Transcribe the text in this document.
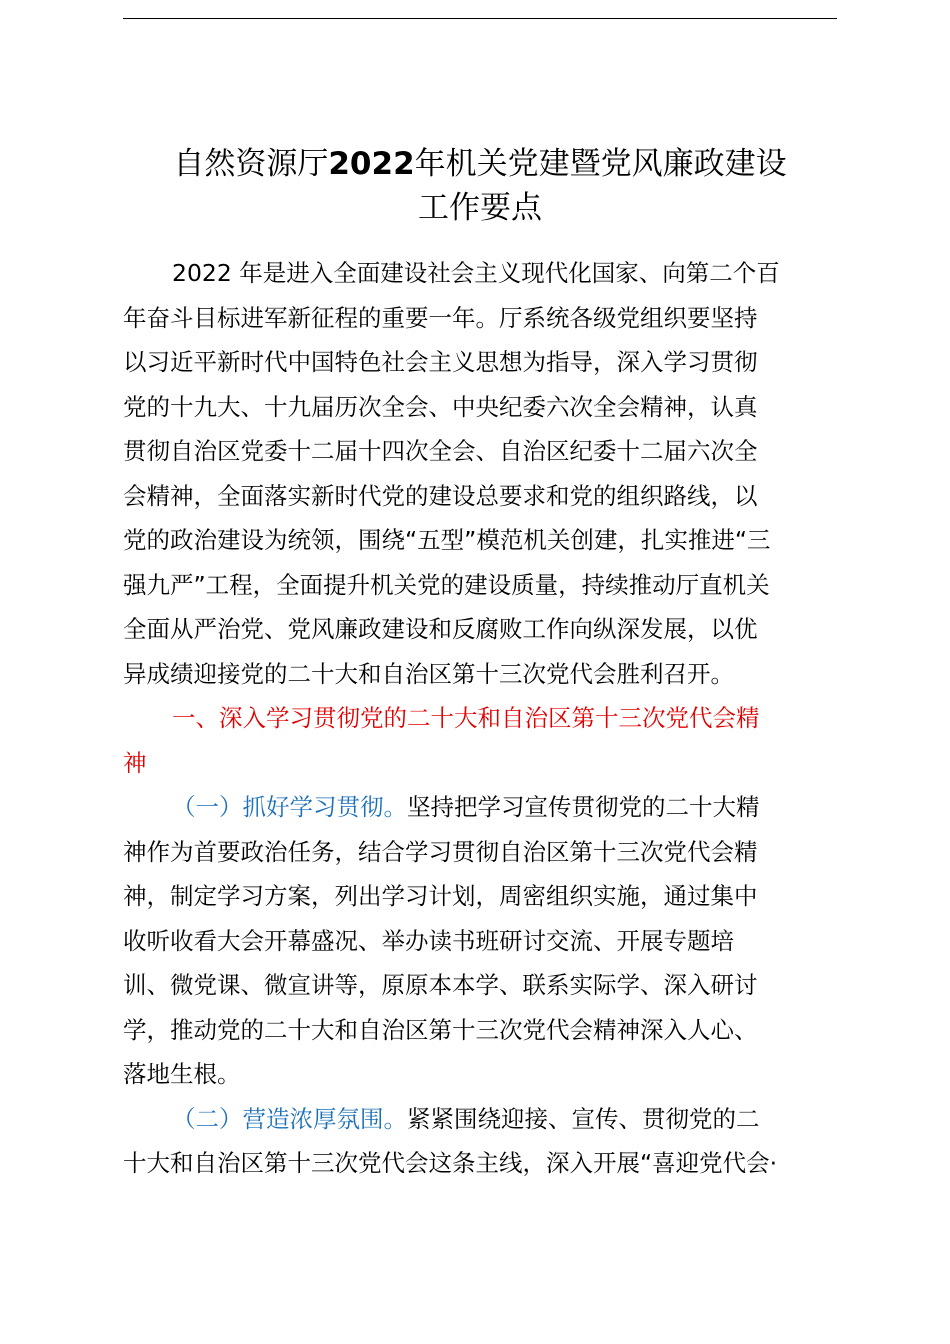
自然资源厅2022年机关党建暨党风廉政建设
工作要点

2022 年是进入全面建设社会主义现代化国家、向第二个百
年奋斗目标进军新征程的重要一年。厅系统各级党组织要坚持
以习近平新时代中国特色社会主义思想为指导，深入学习贯彻
党的十九大、十九届历次全会、中央纪委六次全会精神，认真
贯彻自治区党委十二届十四次全会、自治区纪委十二届六次全
会精神，全面落实新时代党的建设总要求和党的组织路线，以
党的政治建设为统领，围绕“五型”模范机关创建，扎实推进“三
强九严”工程，全面提升机关党的建设质量，持续推动厅直机关
全面从严治党、党风廉政建设和反腐败工作向纵深发展，以优
异成绩迎接党的二十大和自治区第十三次党代会胜利召开。

一、深入学习贯彻党的二十大和自治区第十三次党代会精
神

（一）抓好学习贯彻。坚持把学习宣传贯彻党的二十大精
神作为首要政治任务，结合学习贯彻自治区第十三次党代会精
神，制定学习方案，列出学习计划，周密组织实施，通过集中
收听收看大会开幕盛况、举办读书班研讨交流、开展专题培
训、微党课、微宣讲等，原原本本学、联系实际学、深入研讨
学，推动党的二十大和自治区第十三次党代会精神深入人心、
落地生根。

（二）营造浓厚氛围。紧紧围绕迎接、宣传、贯彻党的二
十大和自治区第十三次党代会这条主线，深入开展“喜迎党代会·
